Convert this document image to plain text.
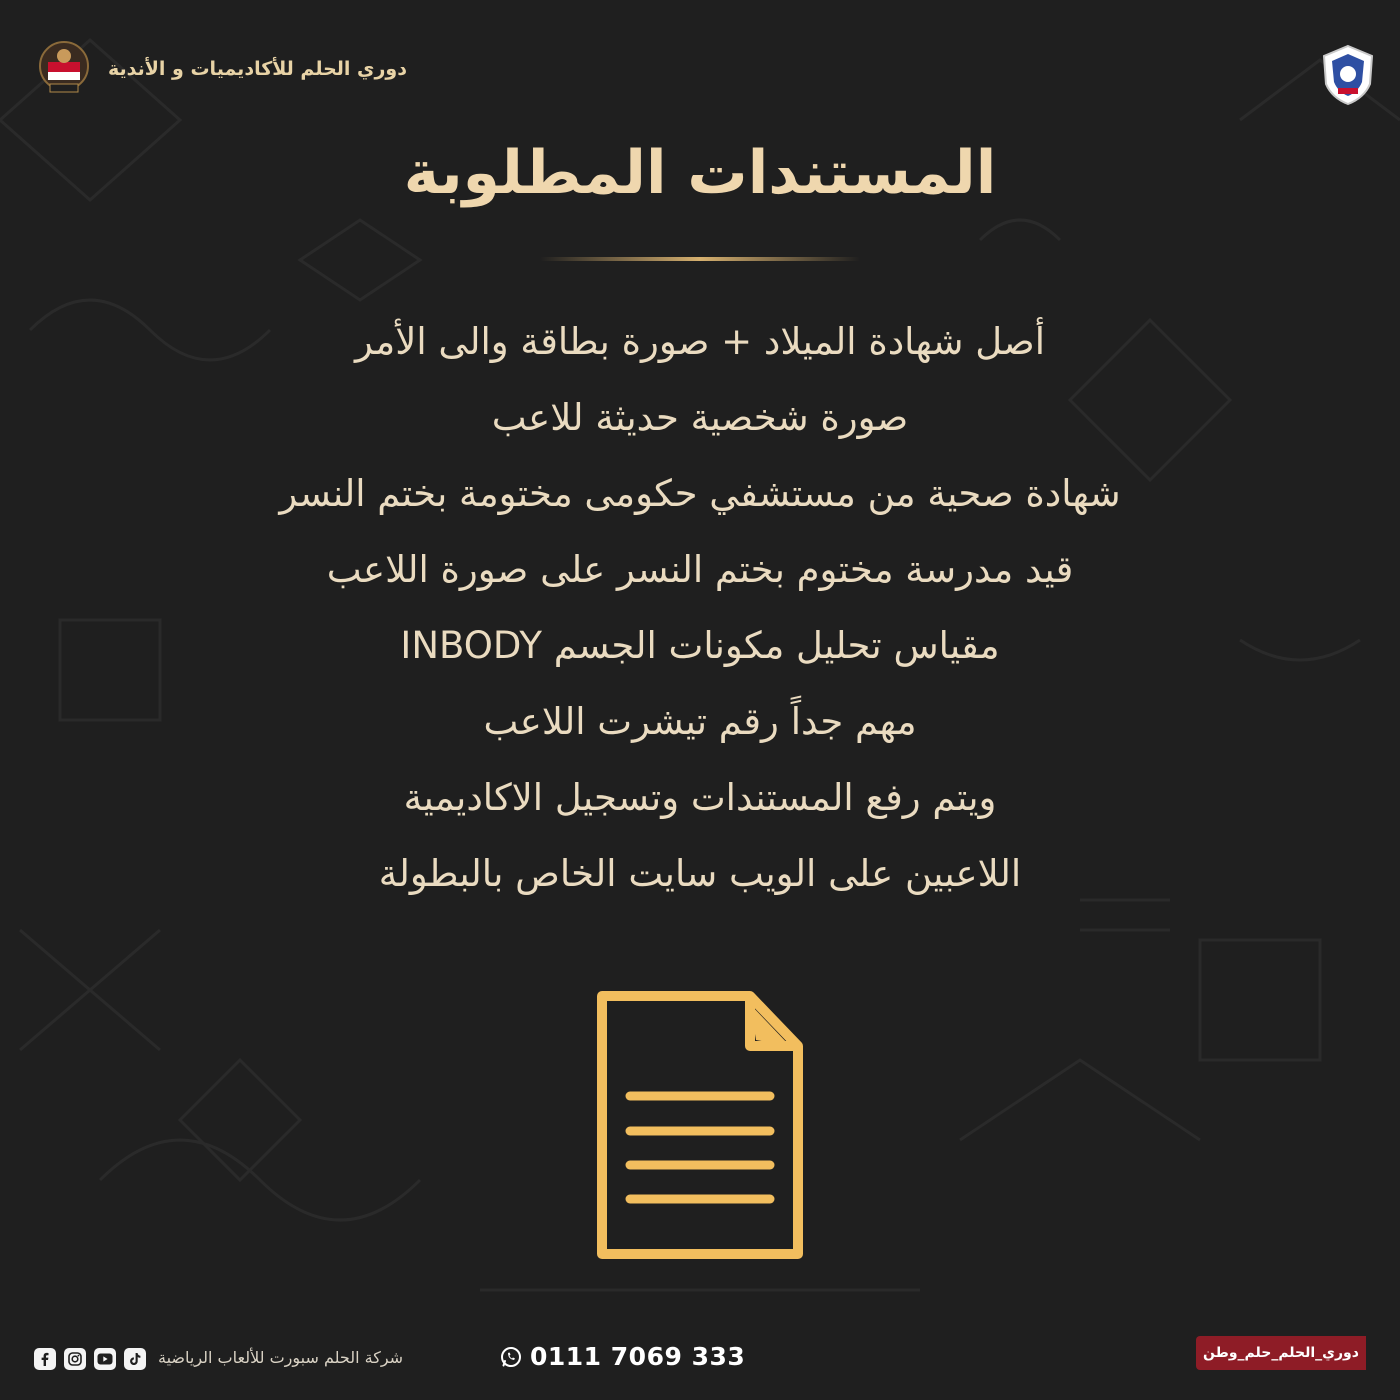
دوري الحلم للأكاديميات و الأندية
المستندات المطلوبة
أصل شهادة الميلاد + صورة بطاقة والى الأمر
صورة شخصية حديثة للاعب
شهادة صحية من مستشفي حكومى مختومة بختم النسر
قيد مدرسة مختوم بختم النسر على صورة اللاعب
مقياس تحليل مكونات الجسم INBODY
مهم جداً رقم تيشرت اللاعب
ويتم رفع المستندات وتسجيل الاكاديمية
اللاعبين على الويب سايت الخاص بالبطولة
شركة الحلم سبورت للألعاب الرياضية	0111 7069 333	دوري_الحلم_حلم_وطن
